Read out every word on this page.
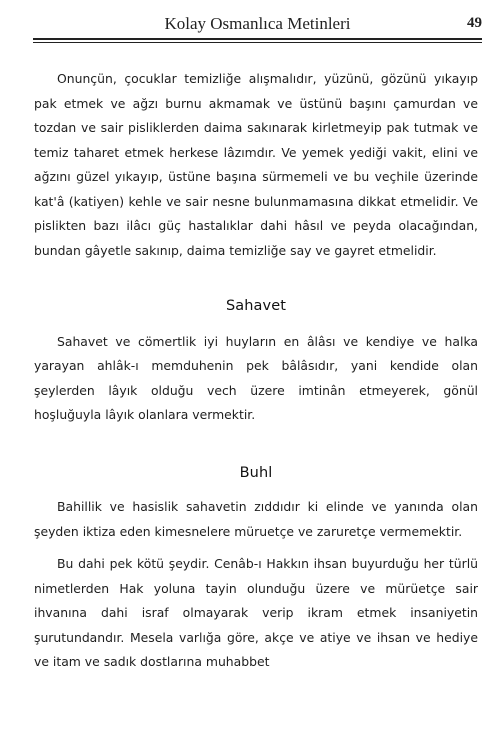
Kolay Osmanlıca Metinleri	49

Onunçün, çocuklar temizliğe alışmalıdır, yüzünü, gözünü yıkayıp pak etmek ve ağzı burnu akmamak ve üstünü başını çamurdan ve tozdan ve sair pisliklerden daima sakınarak kirletmeyip pak tutmak ve temiz taharet etmek herkese lâzımdır. Ve yemek yediği vakit, elini ve ağzını güzel yıkayıp, üstüne başına sürmemeli ve bu veçhile üzerinde kat'â (katiyen) kehle ve sair nesne bulunmamasına dikkat etmelidir. Ve pislikten bazı ilâcı güç hastalıklar dahi hâsıl ve peyda olacağından, bundan gâyetle sakınıp, daima temizliğe say ve gayret etmelidir.

Sahavet

Sahavet ve cömertlik iyi huyların en âlâsı ve kendiye ve halka yarayan ahlâk-ı memduhenin pek bâlâsıdır, yani kendide olan şeylerden lâyık olduğu vech üzere imtinân etmeyerek, gönül hoşluğuyla lâyık olanlara vermektir.

Buhl

Bahillik ve hasislik sahavetin zıddıdır ki elinde ve yanında olan şeyden iktiza eden kimesnelere müruetçe ve zaruretçe vermemektir.

Bu dahi pek kötü şeydir. Cenâb-ı Hakkın ihsan buyurduğu her türlü nimetlerden Hak yoluna tayin olunduğu üzere ve mürüetçe sair ihvanına dahi israf olmayarak verip ikram etmek insaniyetin şurutundandır. Mesela varlığa göre, akçe ve atiye ve ihsan ve hediye ve itam ve sadık dostlarına muhabbet
